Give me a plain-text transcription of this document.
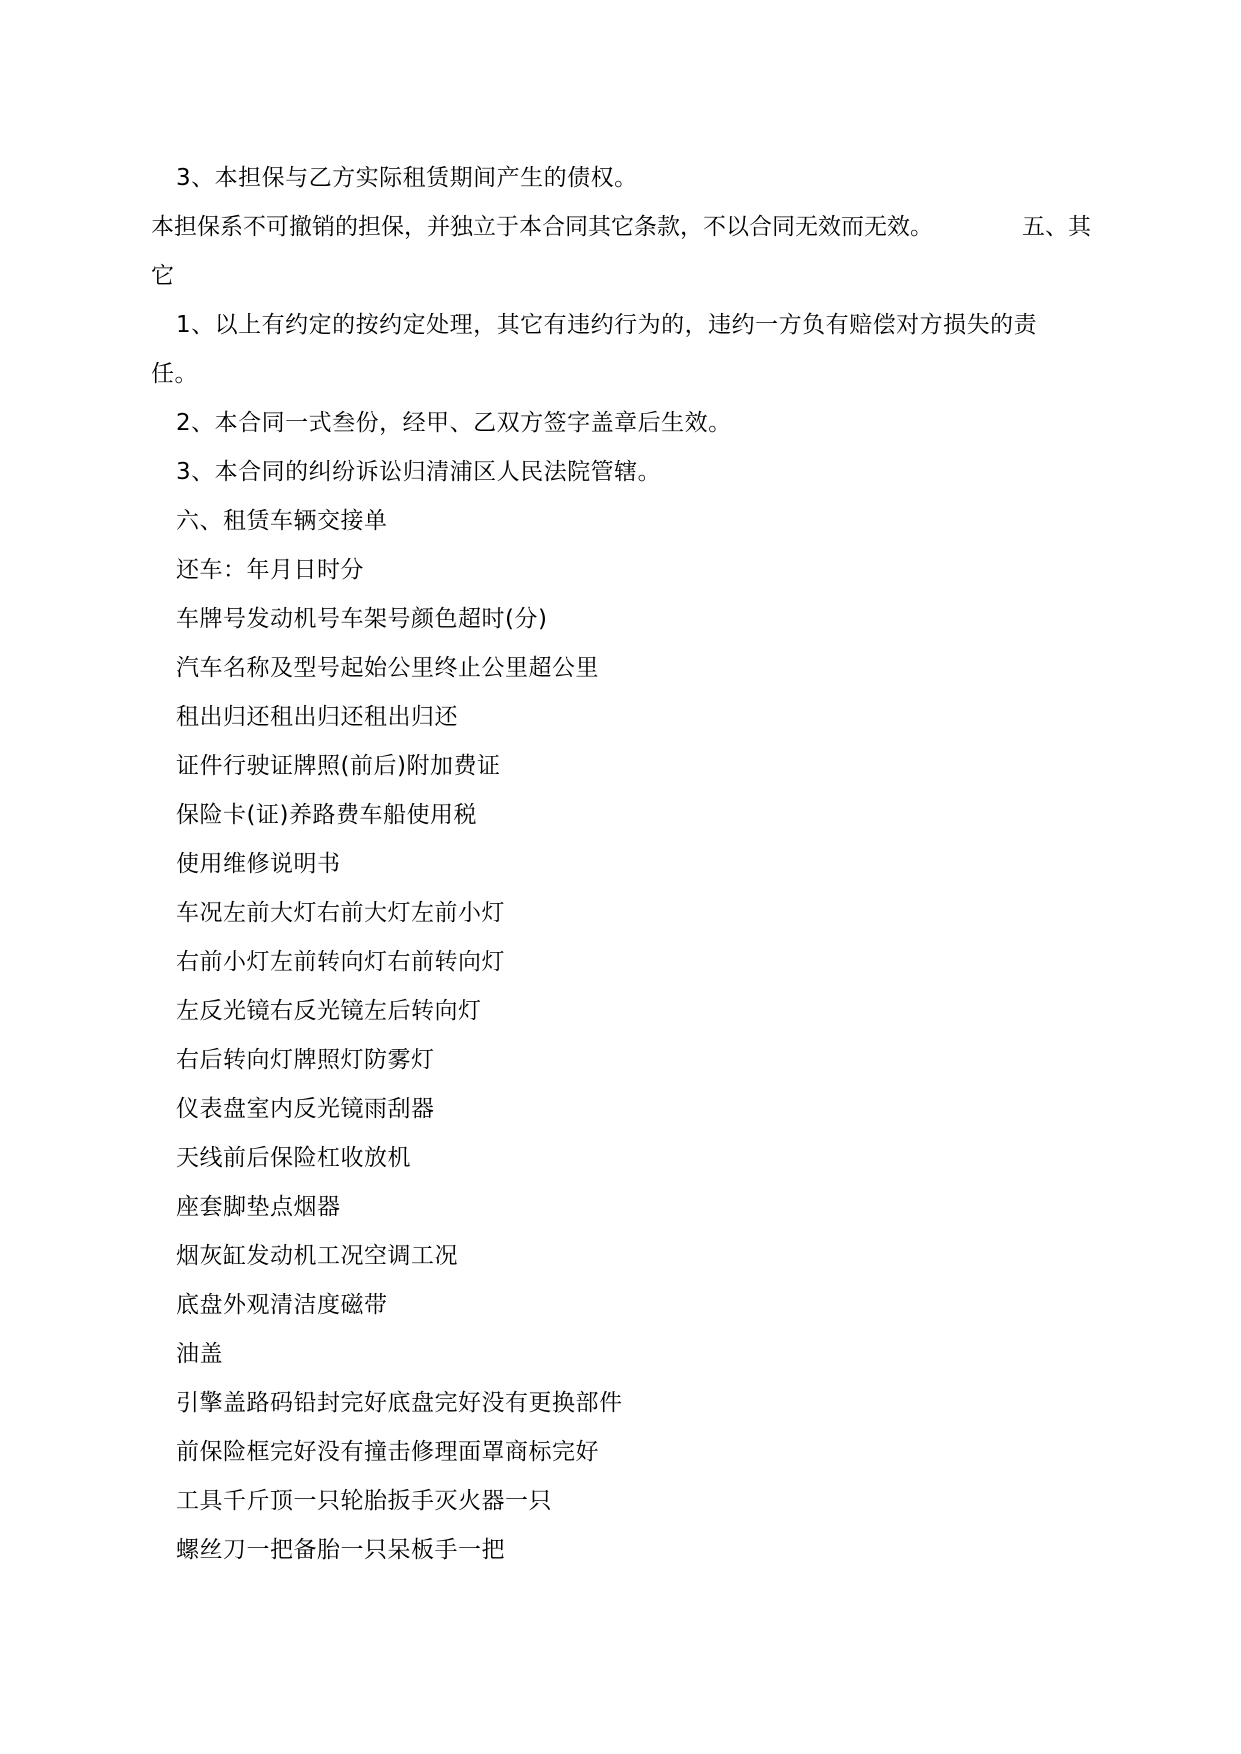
3、本担保与乙方实际租赁期间产生的债权。
本担保系不可撤销的担保，并独立于本合同其它条款，不以合同无效而无效。	五、其
它
1、以上有约定的按约定处理，其它有违约行为的，违约一方负有赔偿对方损失的责
任。
2、本合同一式叁份，经甲、乙双方签字盖章后生效。
3、本合同的纠纷诉讼归清浦区人民法院管辖。
六、租赁车辆交接单
还车：年月日时分
车牌号发动机号车架号颜色超时(分)
汽车名称及型号起始公里终止公里超公里
租出归还租出归还租出归还
证件行驶证牌照(前后)附加费证
保险卡(证)养路费车船使用税
使用维修说明书
车况左前大灯右前大灯左前小灯
右前小灯左前转向灯右前转向灯
左反光镜右反光镜左后转向灯
右后转向灯牌照灯防雾灯
仪表盘室内反光镜雨刮器
天线前后保险杠收放机
座套脚垫点烟器
烟灰缸发动机工况空调工况
底盘外观清洁度磁带
油盖
引擎盖路码铅封完好底盘完好没有更换部件
前保险框完好没有撞击修理面罩商标完好
工具千斤顶一只轮胎扳手灭火器一只
螺丝刀一把备胎一只呆板手一把
